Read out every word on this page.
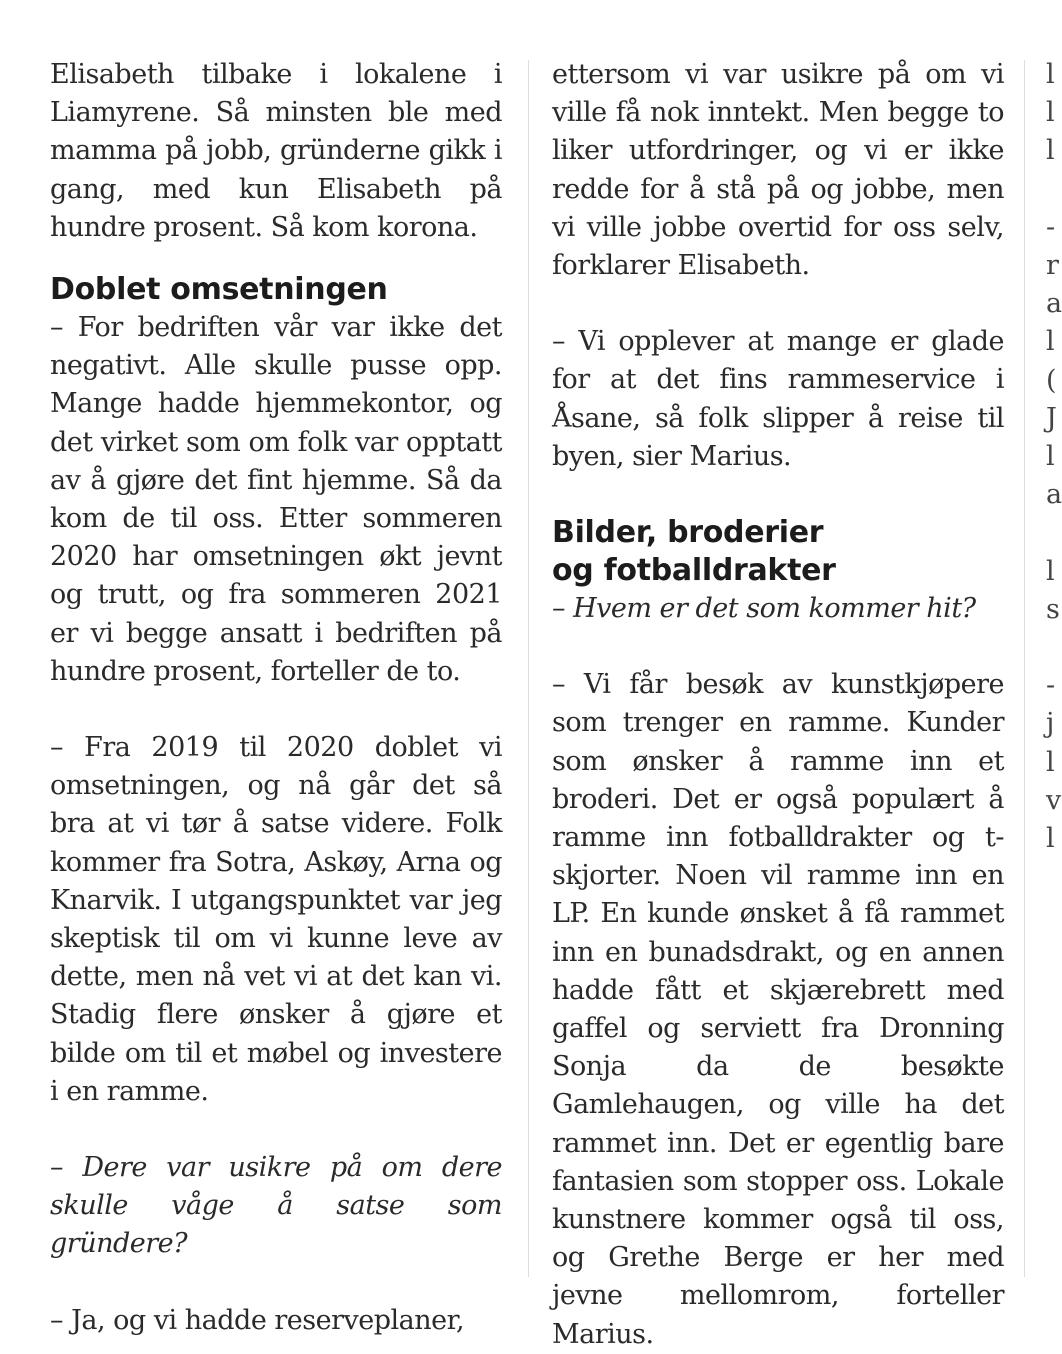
Elisabeth tilbake i lokalene i Liamyrene. Så minsten ble med mamma på jobb, gründerne gikk i gang, med kun Elisabeth på hundre prosent. Så kom korona.

Doblet omsetningen

– For bedriften vår var ikke det negativt. Alle skulle pusse opp. Mange hadde hjemmekontor, og det virket som om folk var opptatt av å gjøre det fint hjemme. Så da kom de til oss. Etter sommeren 2020 har omsetningen økt jevnt og trutt, og fra sommeren 2021 er vi begge ansatt i bedriften på hundre prosent, forteller de to.

– Fra 2019 til 2020 doblet vi omsetningen, og nå går det så bra at vi tør å satse videre. Folk kommer fra Sotra, Askøy, Arna og Knarvik. I utgangspunktet var jeg skeptisk til om vi kunne leve av dette, men nå vet vi at det kan vi. Stadig flere ønsker å gjøre et bilde om til et møbel og investere i en ramme.

– Dere var usikre på om dere skulle våge å satse som gründere?

– Ja, og vi hadde reserveplaner,

ettersom vi var usikre på om vi ville få nok inntekt. Men begge to liker utfordringer, og vi er ikke redde for å stå på og jobbe, men vi ville jobbe overtid for oss selv, forklarer Elisabeth.

– Vi opplever at mange er glade for at det fins rammeservice i Åsane, så folk slipper å reise til byen, sier Marius.

Bilder, broderier
og fotballdrakter

– Hvem er det som kommer hit?

– Vi får besøk av kunstkjøpere som trenger en ramme. Kunder som ønsker å ramme inn et broderi. Det er også populært å ramme inn fotballdrakter og t-skjorter. Noen vil ramme inn en LP. En kunde ønsket å få rammet inn en bunadsdrakt, og en annen hadde fått et skjærebrett med gaffel og serviett fra Dronning Sonja da de besøkte Gamlehaugen, og ville ha det rammet inn. Det er egentlig bare fantasien som stopper oss. Lokale kunstnere kommer også til oss, og Grethe Berge er her med jevne mellomrom, forteller Marius.

l
l
l

-
r
a
l
(
J
l
a

l
s

-
j
l
v
l
